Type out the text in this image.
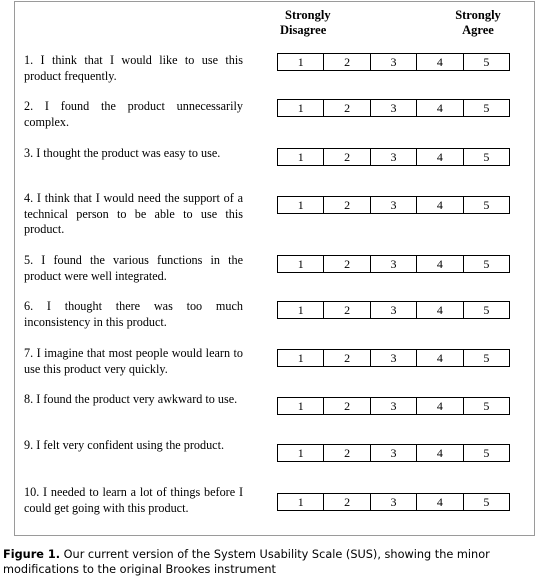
Strongly
Disagree
Strongly
Agree
1. I think that I would like to use this product frequently.
1	2	3	4	5
2. I found the product unnecessarily complex.
1	2	3	4	5
3. I thought the product was easy to use.	1	2	3	4	5
4. I think that I would need the support of a technical person to be able to use this product.
1	2	3	4	5
5. I found the various functions in the product were well integrated.
1	2	3	4	5
6. I thought there was too much inconsistency in this product.
1	2	3	4	5
7. I imagine that most people would learn to use this product very quickly.
1	2	3	4	5
8. I found the product very awkward to use.	1	2	3	4	5
9. I felt very confident using the product.
1	2	3	4	5
10. I needed to learn a lot of things before I could get going with this product.	1	2	3	4	5
Figure 1. Our current version of the System Usability Scale (SUS), showing the minor modifications to the original Brookes instrument
